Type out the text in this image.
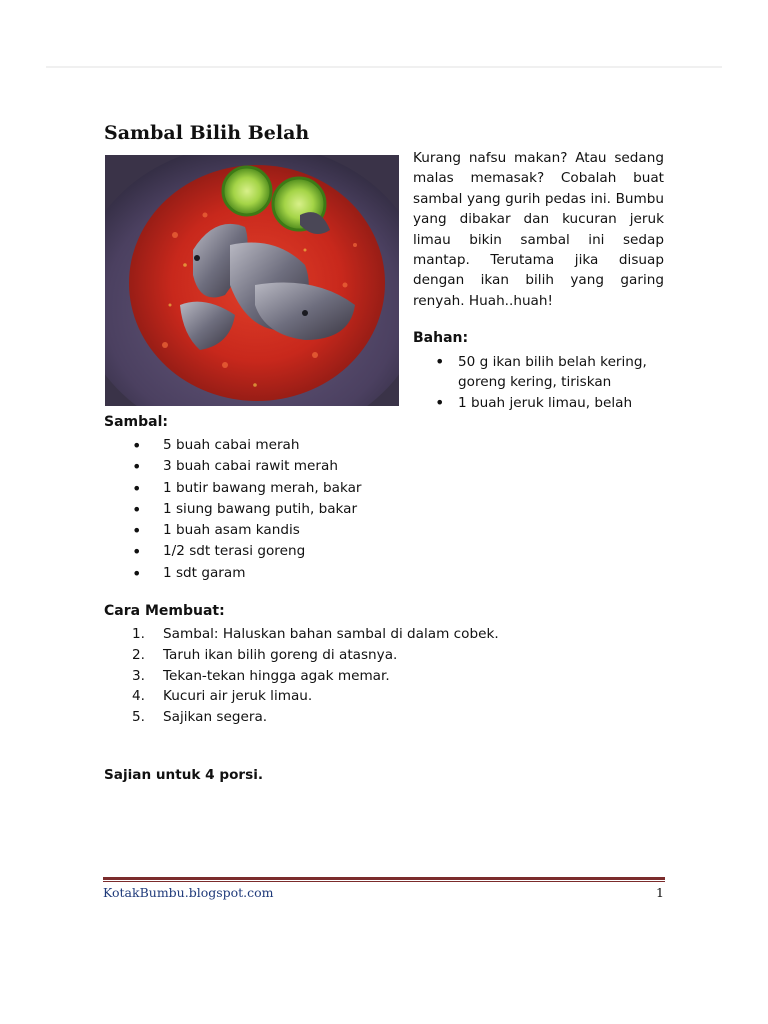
Sambal Bilih Belah

Kurang nafsu makan? Atau sedang malas memasak? Cobalah buat sambal yang gurih pedas ini. Bumbu yang dibakar dan kucuran jeruk limau bikin sambal ini sedap mantap. Terutama jika disuap dengan ikan bilih yang garing renyah. Huah..huah!

Bahan:
• 50 g ikan bilih belah kering, goreng kering, tiriskan
• 1 buah jeruk limau, belah
Sambal:
• 5 buah cabai merah
• 3 buah cabai rawit merah
• 1 butir bawang merah, bakar
• 1 siung bawang putih, bakar
• 1 buah asam kandis
• 1/2 sdt terasi goreng
• 1 sdt garam
Cara Membuat:
1. Sambal: Haluskan bahan sambal di dalam cobek.
2. Taruh ikan bilih goreng di atasnya.
3. Tekan-tekan hingga agak memar.
4. Kucuri air jeruk limau.
5. Sajikan segera.

Sajian untuk 4 porsi.

KotakBumbu.blogspot.com	1
